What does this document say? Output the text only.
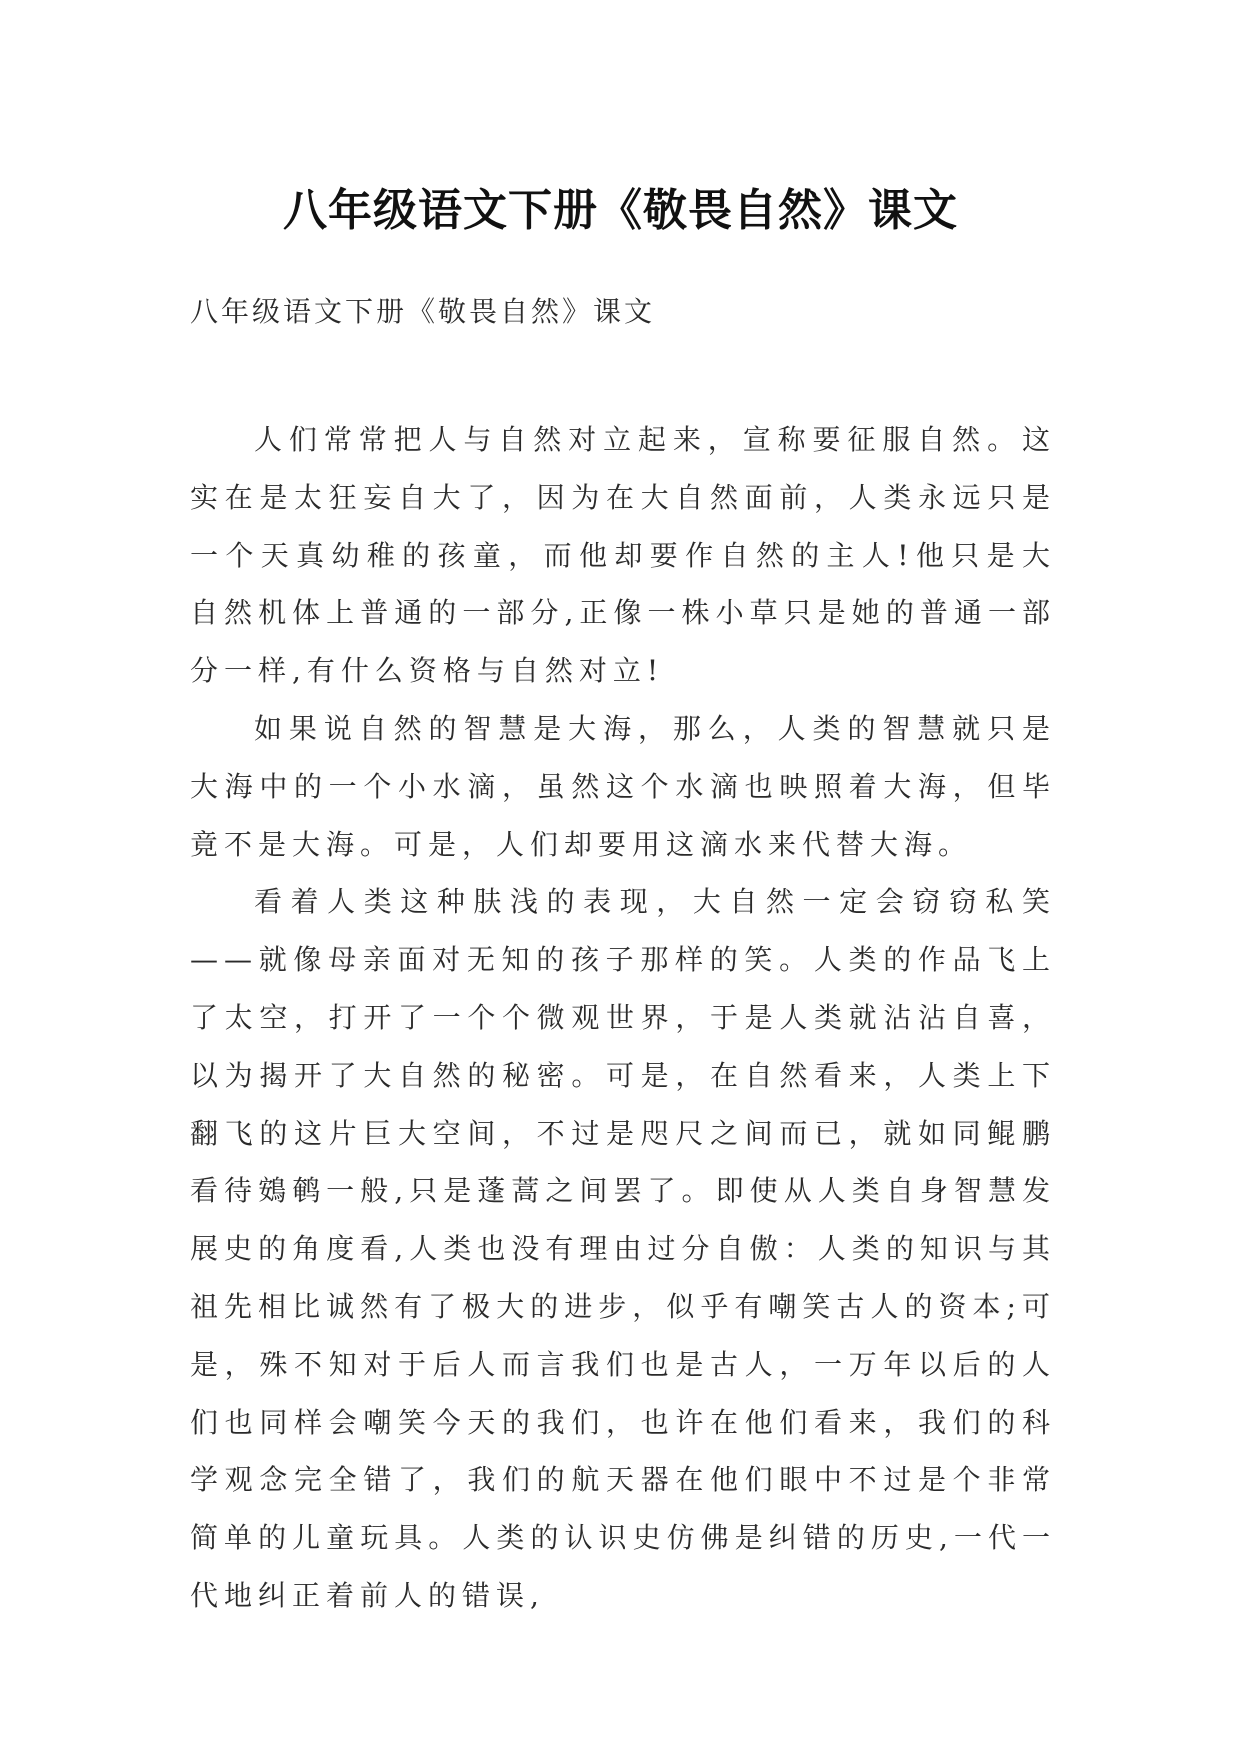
八年级语文下册《敬畏自然》课文
八年级语文下册《敬畏自然》课文

人们常常把人与自然对立起来，宣称要征服自然。这实在是太狂妄自大了，因为在大自然面前，人类永远只是一个天真幼稚的孩童，而他却要作自然的主人!他只是大自然机体上普通的一部分,正像一株小草只是她的普通一部分一样,有什么资格与自然对立!

如果说自然的智慧是大海，那么，人类的智慧就只是大海中的一个小水滴，虽然这个水滴也映照着大海，但毕竟不是大海。可是，人们却要用这滴水来代替大海。

看着人类这种肤浅的表现，大自然一定会窃窃私笑——就像母亲面对无知的孩子那样的笑。人类的作品飞上了太空，打开了一个个微观世界，于是人类就沾沾自喜，以为揭开了大自然的秘密。可是，在自然看来，人类上下翻飞的这片巨大空间，不过是咫尺之间而已，就如同鲲鹏看待鴳鹌一般,只是蓬蒿之间罢了。即使从人类自身智慧发展史的角度看,人类也没有理由过分自傲：人类的知识与其祖先相比诚然有了极大的进步，似乎有嘲笑古人的资本;可是，殊不知对于后人而言我们也是古人，一万年以后的人们也同样会嘲笑今天的我们，也许在他们看来，我们的科学观念完全错了，我们的航天器在他们眼中不过是个非常简单的儿童玩具。人类的认识史仿佛是纠错的历史,一代一代地纠正着前人的错误,
